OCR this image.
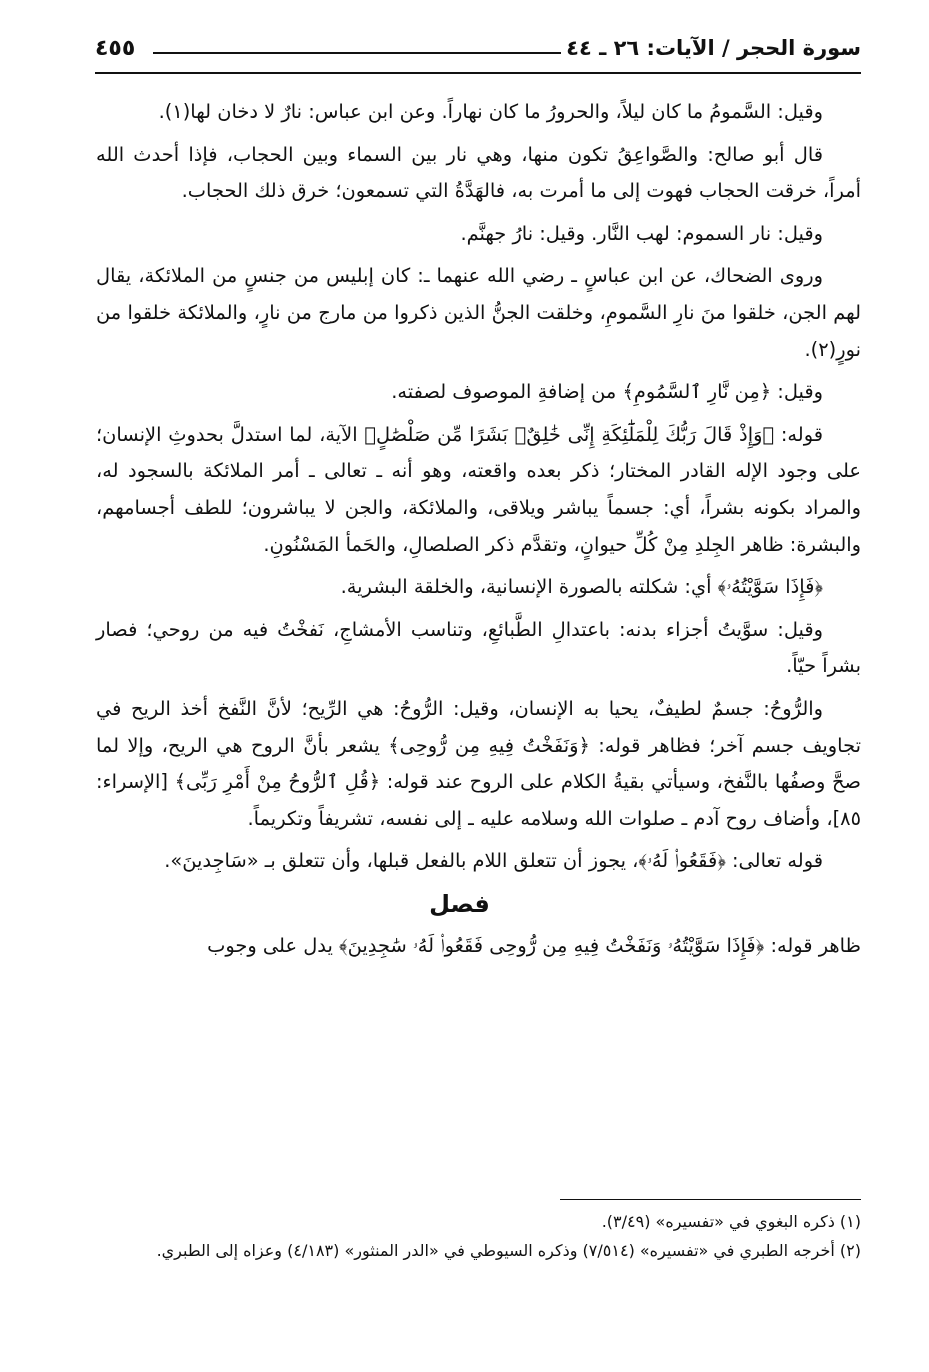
سورة الحجر / الآيات: ٢٦ ـ ٤٤
٤٥٥

وقيل: السَّمومُ ما كان ليلاً، والحرورُ ما كان نهاراً. وعن ابن عباس: نارٌ لا دخان لها(١).

قال أبو صالح: والصَّواعِقُ تكون منها، وهي نار بين السماء وبين الحجاب، فإذا أحدث الله أمراً، خرقت الحجاب فهوت إلى ما أمرت به، فالهَدَّةُ التي تسمعون؛ خرق ذلك الحجاب.

وقيل: نار السموم: لهب النَّار. وقيل: نارُ جهنَّم.

وروى الضحاك، عن ابن عباسٍ ـ رضي الله عنهما ـ: كان إبليس من جنسٍ من الملائكة، يقال لهم الجن، خلقوا منَ نارِ السَّمومِ، وخلقت الجنُّ الذين ذكروا من مارج من نارٍ، والملائكة خلقوا من نورٍ(٢).

وقيل: ﴿مِن نَّارِ ٱلسَّمُومِ﴾ من إضافةِ الموصوف لصفته.

قوله: ﴿وَإِذْ قَالَ رَبُّكَ لِلْمَلَٰٓئِكَةِ إِنِّى خَٰلِقٌۢ بَشَرًا مِّن صَلْصَٰلٍ﴾ الآية، لما استدلَّ بحدوثِ الإنسان؛ على وجود الإله القادر المختار؛ ذكر بعده واقعته، وهو أنه ـ تعالى ـ أمر الملائكة بالسجود له، والمراد بكونه بشراً، أي: جسماً يباشر ويلاقى، والملائكة، والجن لا يباشرون؛ للطف أجسامهم، والبشرة: ظاهر الجِلدِ مِنْ كُلِّ حيوانٍ، وتقدَّم ذكر الصلصالِ، والحَمأ المَسْنُونِ.

﴿فَإِذَا سَوَّيْتُهُۥ﴾ أي: شكلته بالصورة الإنسانية، والخلقة البشرية.

وقيل: سوَّيتُ أجزاء بدنه: باعتدالِ الطَّبائعِ، وتناسب الأمشاجِ، نَفخْتُ فيه من روحي؛ فصار بشراً حيّاً.

والرُّوحُ: جسمٌ لطيفٌ، يحيا به الإنسان، وقيل: الرُّوحُ: هي الرِّيح؛ لأنَّ النَّفخ أخذ الريح في تجاويف جسم آخر؛ فظاهر قوله: ﴿وَنَفَخْتُ فِيهِ مِن رُّوحِى﴾ يشعر بأنَّ الروح هي الريح، وإلا لما صحَّ وصفُها بالنَّفخ، وسيأتي بقيةُ الكلام على الروح عند قوله: ﴿قُلِ ٱلرُّوحُ مِنْ أَمْرِ رَبِّى﴾ [الإسراء: ٨٥]، وأضاف روح آدم ـ صلوات الله وسلامه عليه ـ إلى نفسه، تشريفاً وتكريماً.

قوله تعالى: ﴿فَقَعُوا۟ لَهُۥ﴾، يجوز أن تتعلق اللام بالفعل قبلها، وأن تتعلق بـ «سَاجِدينَ».

فصل

ظاهر قوله: ﴿فَإِذَا سَوَّيْتُهُۥ وَنَفَخْتُ فِيهِ مِن رُّوحِى فَقَعُوا۟ لَهُۥ سَٰجِدِينَ﴾ يدل على وجوب

(١) ذكره البغوي في «تفسيره» (٣/٤٩).
(٢) أخرجه الطبري في «تفسيره» (٧/٥١٤) وذكره السيوطي في «الدر المنثور» (٤/١٨٣) وعزاه إلى الطبري.
